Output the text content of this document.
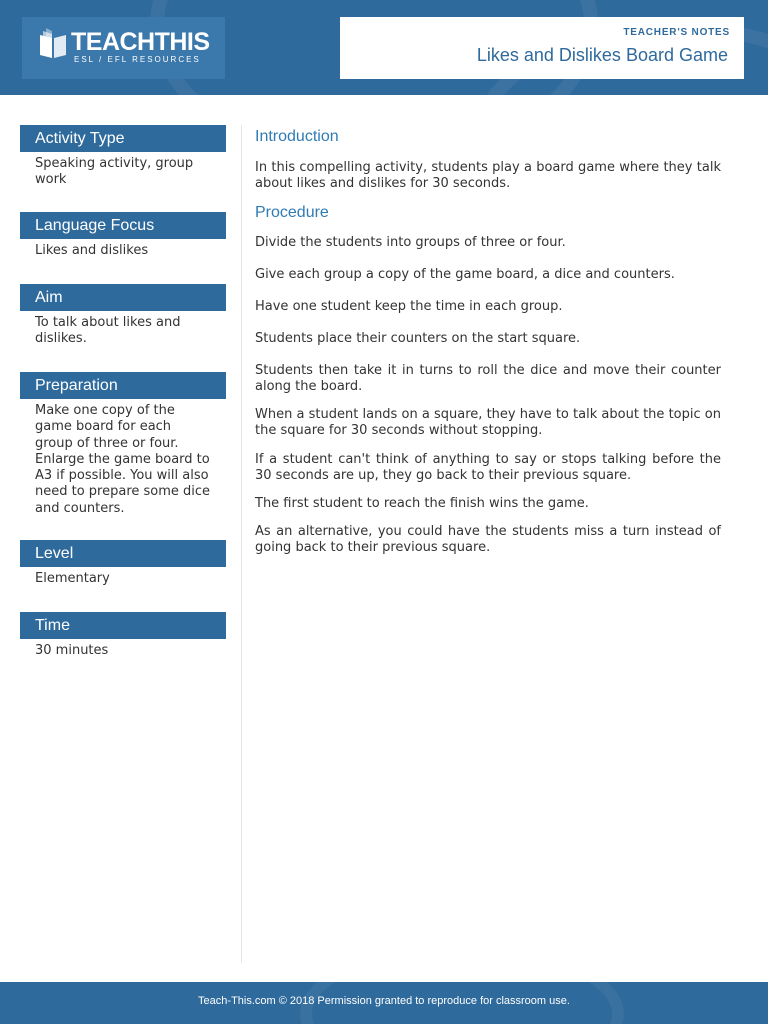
TEACHTHIS
ESL / EFL RESOURCES
TEACHER'S NOTES
Likes and Dislikes Board Game
Activity Type
Speaking activity, group work
Language Focus
Likes and dislikes
Aim
To talk about likes and dislikes.
Preparation
Make one copy of the game board for each group of three or four. Enlarge the game board to A3 if possible. You will also need to prepare some dice and counters.
Level
Elementary
Time
30 minutes
Introduction

In this compelling activity, students play a board game where they talk about likes and dislikes for 30 seconds.

Procedure

Divide the students into groups of three or four.

Give each group a copy of the game board, a dice and counters.

Have one student keep the time in each group.

Students place their counters on the start square.

Students then take it in turns to roll the dice and move their counter along the board.

When a student lands on a square, they have to talk about the topic on the square for 30 seconds without stopping.

If a student can't think of anything to say or stops talking before the 30 seconds are up, they go back to their previous square.

The first student to reach the finish wins the game.

As an alternative, you could have the students miss a turn instead of going back to their previous square.

Teach-This.com © 2018 Permission granted to reproduce for classroom use.
